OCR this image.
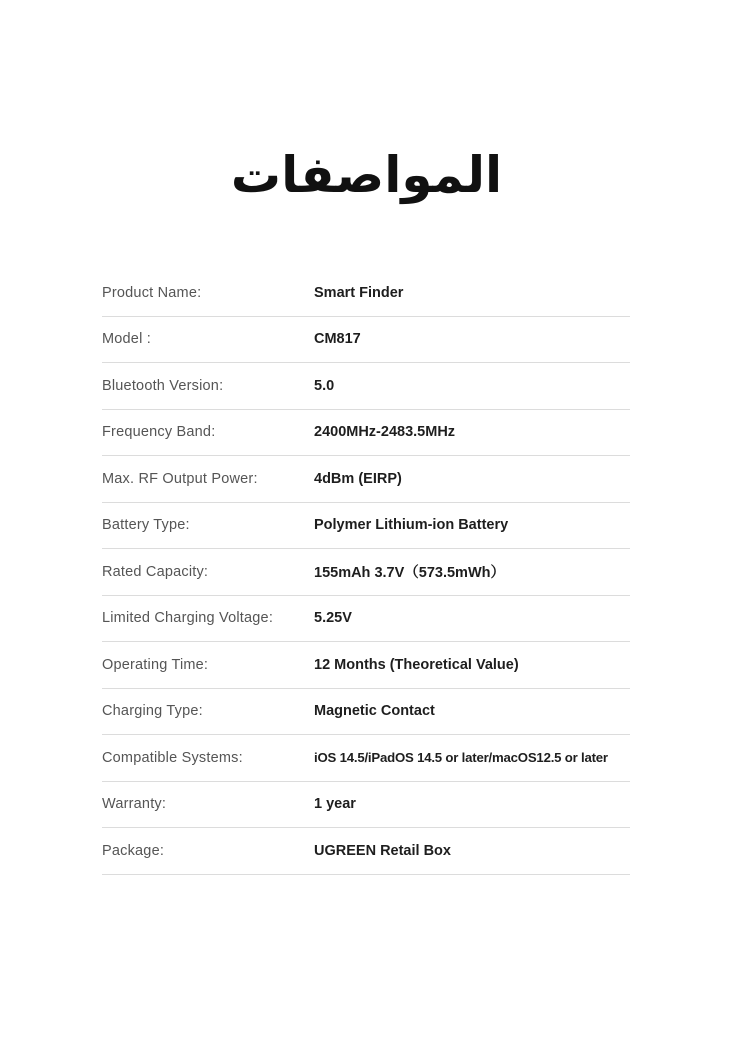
المواصفات
Product Name:	Smart Finder
Model :	CM817
Bluetooth Version:	5.0
Frequency Band:	2400MHz-2483.5MHz
Max. RF Output Power:	4dBm (EIRP)
Battery Type:	Polymer Lithium-ion Battery
Rated Capacity:	155mAh 3.7V（573.5mWh）
Limited Charging Voltage:	5.25V
Operating Time:	12 Months (Theoretical Value)
Charging Type:	Magnetic Contact
Compatible Systems:	iOS 14.5/iPadOS 14.5 or later/macOS12.5 or later
Warranty:	1 year
Package:	UGREEN Retail Box
